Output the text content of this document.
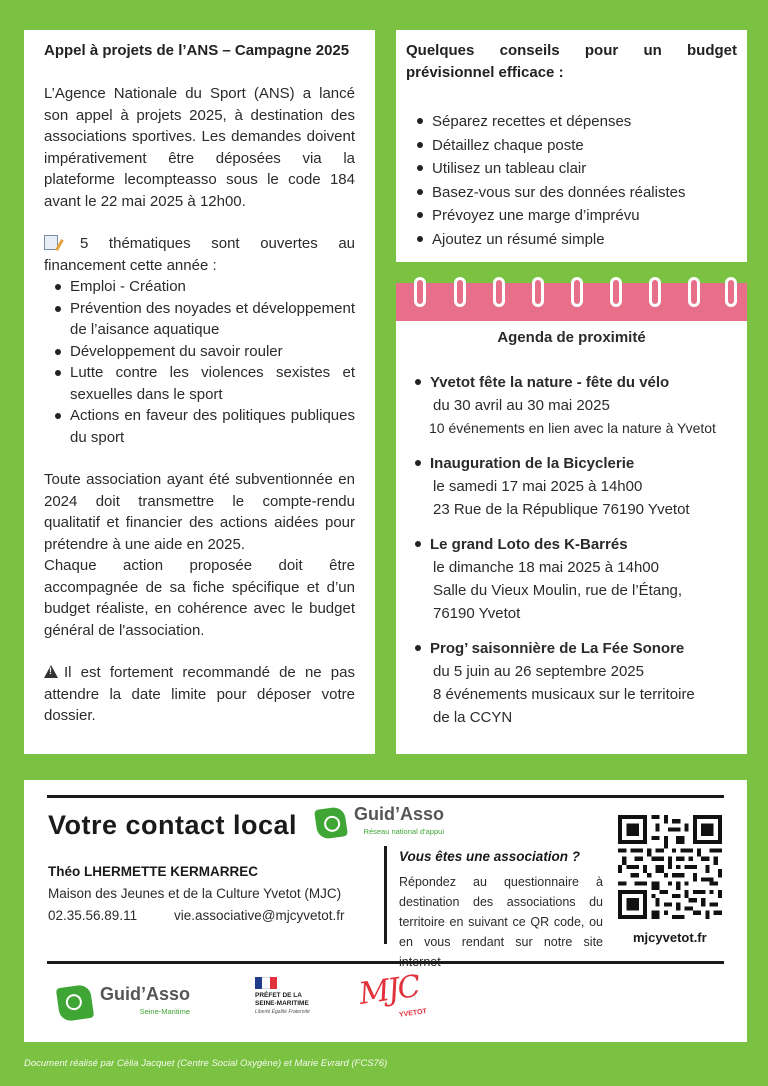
Appel à projets de l’ANS – Campagne 2025

L’Agence Nationale du Sport (ANS) a lancé son appel à projets 2025, à destination des associations sportives. Les demandes doivent impérativement être déposées via la plateforme lecompteasso sous le code 184 avant le 22 mai 2025 à 12h00.

5 thématiques sont ouvertes au financement cette année :

Emploi - Création
Prévention des noyades et développement de l’aisance aquatique
Développement du savoir rouler
Lutte contre les violences sexistes et sexuelles dans le sport
Actions en faveur des politiques publiques du sport

Toute association ayant été subventionnée en 2024 doit transmettre le compte-rendu qualitatif et financier des actions aidées pour prétendre à une aide en 2025.

Chaque action proposée doit être accompagnée de sa fiche spécifique et d’un budget réaliste, en cohérence avec le budget général de l'association.

!Il est fortement recommandé de ne pas attendre la date limite pour déposer votre dossier.

Quelques conseils pour un budget prévisionnel efficace :
Séparez recettes et dépenses
Détaillez chaque poste
Utilisez un tableau clair
Basez-vous sur des données réalistes
Prévoyez une marge d’imprévu
Ajoutez un résumé simple
Agenda de proximité
Yvetot fête la nature - fête du vélo
du 30 avril au 30 mai 2025
10 événements en lien avec la nature à Yvetot
Inauguration de la Bicyclerie
le samedi 17 mai 2025 à 14h00
23 Rue de la République 76190 Yvetot
Le grand Loto des K-Barrés
le dimanche 18 mai 2025 à 14h00
Salle du Vieux Moulin, rue de l’Étang,
76190 Yvetot
Prog’ saisonnière de La Fée Sonore
du 5 juin au 26 septembre 2025
8 événements musicaux sur le territoire
de la CCYN
Votre contact local	Guid’Asso
Réseau national d’appui
Théo LHERMETTE KERMARREC
Maison des Jeunes et de la Culture Yvetot (MJC)
02.35.56.89.11	vie.associative@mjcyvetot.fr
Vous êtes une association ?

Répondez au questionnaire à destination des associations du territoire en suivant ce QR code, ou en vous rendant sur notre site mjcyvetot.fr
Guid’Asso
Seine-Maritime
PRÉFET DE LA SEINE-MARITIME
Liberté Égalité Fraternité
MJC
YVETOT
Document réalisé par Célia Jacquet (Centre Social Oxygène) et Marie Evrard (FCS76)
